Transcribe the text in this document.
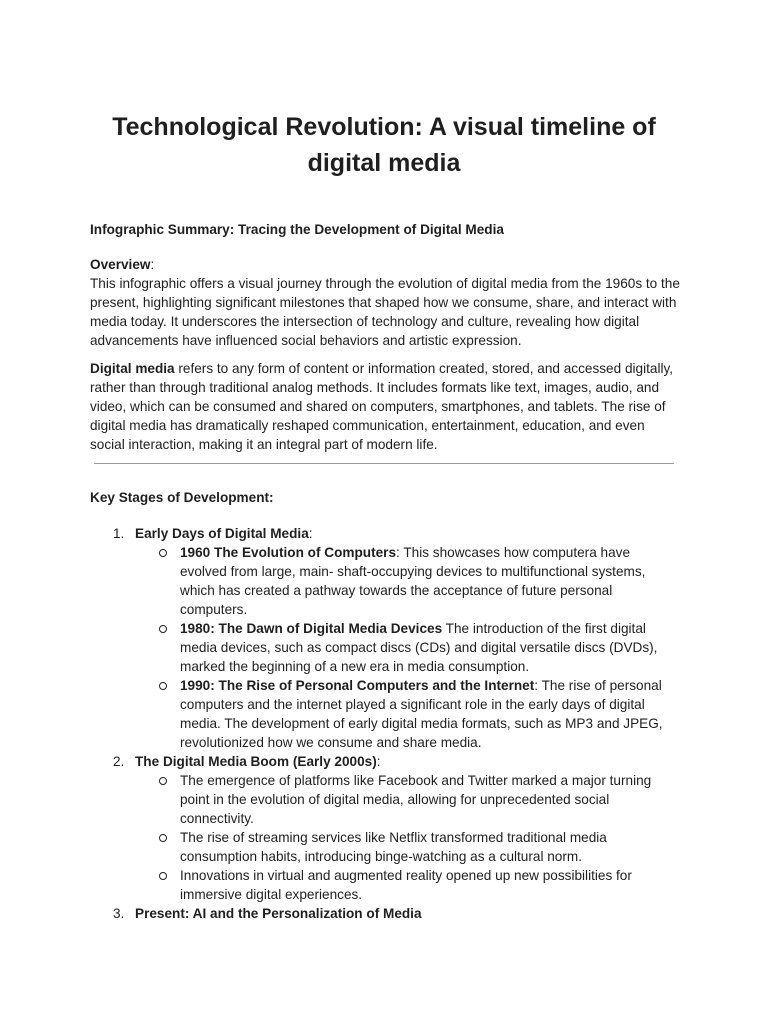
Technological Revolution: A visual timeline of digital media

Infographic Summary: Tracing the Development of Digital Media

Overview:

This infographic offers a visual journey through the evolution of digital media from the 1960s to the present, highlighting significant milestones that shaped how we consume, share, and interact with media today. It underscores the intersection of technology and culture, revealing how digital advancements have influenced social behaviors and artistic expression.

Digital media refers to any form of content or information created, stored, and accessed digitally, rather than through traditional analog methods. It includes formats like text, images, audio, and video, which can be consumed and shared on computers, smartphones, and tablets. The rise of digital media has dramatically reshaped communication, entertainment, education, and even social interaction, making it an integral part of modern life.

Key Stages of Development:

1. Early Days of Digital Media:
1960 The Evolution of Computers: This showcases how computera have evolved from large, main- shaft-occupying devices to multifunctional systems, which has created a pathway towards the acceptance of future personal computers.
1980: The Dawn of Digital Media Devices The introduction of the first digital media devices, such as compact discs (CDs) and digital versatile discs (DVDs), marked the beginning of a new era in media consumption.
1990: The Rise of Personal Computers and the Internet: The rise of personal computers and the internet played a significant role in the early days of digital media. The development of early digital media formats, such as MP3 and JPEG, revolutionized how we consume and share media.
2. The Digital Media Boom (Early 2000s):
The emergence of platforms like Facebook and Twitter marked a major turning point in the evolution of digital media, allowing for unprecedented social connectivity.
The rise of streaming services like Netflix transformed traditional media consumption habits, introducing binge-watching as a cultural norm.
Innovations in virtual and augmented reality opened up new possibilities for immersive digital experiences.
3. Present: AI and the Personalization of Media
